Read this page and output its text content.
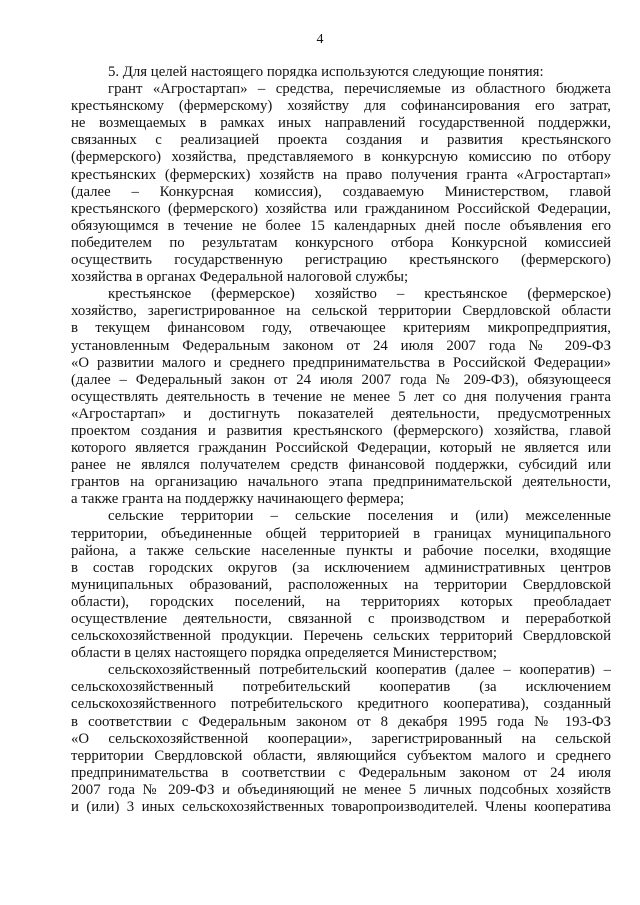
4
5. Для целей настоящего порядка используются следующие понятия:
грант «Агростартап» – средства, перечисляемые из областного бюджета
крестьянскому (фермерскому) хозяйству для софинансирования его затрат,
не возмещаемых в рамках иных направлений государственной поддержки,
связанных с реализацией проекта создания и развития крестьянского
(фермерского) хозяйства, представляемого в конкурсную комиссию по отбору
крестьянских (фермерских) хозяйств на право получения гранта «Агростартап»
(далее – Конкурсная комиссия), создаваемую Министерством, главой
крестьянского (фермерского) хозяйства или гражданином Российской Федерации,
обязующимся в течение не более 15 календарных дней после объявления его
победителем по результатам конкурсного отбора Конкурсной комиссией
осуществить государственную регистрацию крестьянского (фермерского)
хозяйства в органах Федеральной налоговой службы;
крестьянское (фермерское) хозяйство – крестьянское (фермерское)
хозяйство, зарегистрированное на сельской территории Свердловской области
в текущем финансовом году, отвечающее критериям микропредприятия,
установленным Федеральным законом от 24 июля 2007 года № 209-ФЗ
«О развитии малого и среднего предпринимательства в Российской Федерации»
(далее – Федеральный закон от 24 июля 2007 года № 209-ФЗ), обязующееся
осуществлять деятельность в течение не менее 5 лет со дня получения гранта
«Агростартап» и достигнуть показателей деятельности, предусмотренных
проектом создания и развития крестьянского (фермерского) хозяйства, главой
которого является гражданин Российской Федерации, который не является или
ранее не являлся получателем средств финансовой поддержки, субсидий или
грантов на организацию начального этапа предпринимательской деятельности,
а также гранта на поддержку начинающего фермера;
сельские территории – сельские поселения и (или) межселенные
территории, объединенные общей территорией в границах муниципального
района, а также сельские населенные пункты и рабочие поселки, входящие
в состав городских округов (за исключением административных центров
муниципальных образований, расположенных на территории Свердловской
области), городских поселений, на территориях которых преобладает
осуществление деятельности, связанной с производством и переработкой
сельскохозяйственной продукции. Перечень сельских территорий Свердловской
области в целях настоящего порядка определяется Министерством;
сельскохозяйственный потребительский кооператив (далее – кооператив) –
сельскохозяйственный потребительский кооператив (за исключением
сельскохозяйственного потребительского кредитного кооператива), созданный
в соответствии с Федеральным законом от 8 декабря 1995 года № 193-ФЗ
«О сельскохозяйственной кооперации», зарегистрированный на сельской
территории Свердловской области, являющийся субъектом малого и среднего
предпринимательства в соответствии с Федеральным законом от 24 июля
2007 года № 209-ФЗ и объединяющий не менее 5 личных подсобных хозяйств
и (или) 3 иных сельскохозяйственных товаропроизводителей. Члены кооператива
